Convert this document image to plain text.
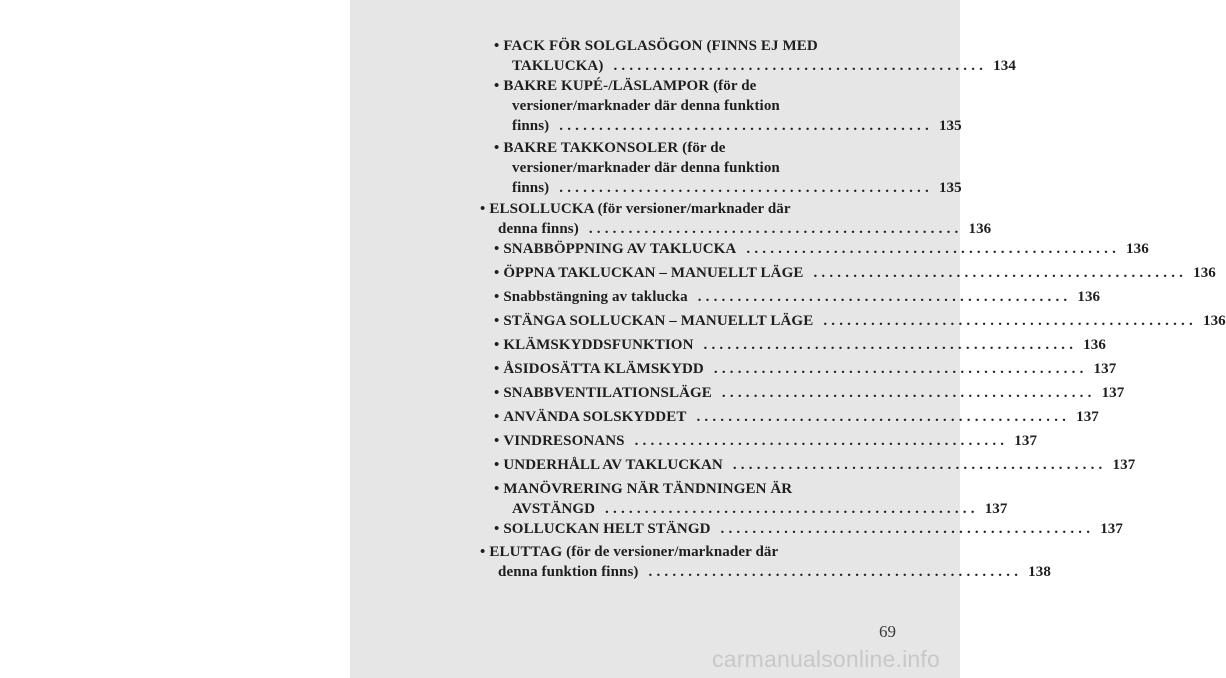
• FACK FÖR SOLGLASÖGON (FINNS EJ MED
TAKLUCKA) ............................................... 134
• BAKRE KUPÉ-/LÄSLAMPOR (för de
versioner/marknader där denna funktion
finns) ............................................... 135
• BAKRE TAKKONSOLER (för de
versioner/marknader där denna funktion
finns) ............................................... 135
• ELSOLLUCKA (för versioner/marknader där
denna finns) ............................................... 136
• SNABBÖPPNING AV TAKLUCKA ............................................... 136
• ÖPPNA TAKLUCKAN – MANUELLT LÄGE ............................................... 136
• Snabbstängning av taklucka ............................................... 136
• STÄNGA SOLLUCKAN – MANUELLT LÄGE ............................................... 136
• KLÄMSKYDDSFUNKTION ............................................... 136
• ÅSIDOSÄTTA KLÄMSKYDD ............................................... 137
• SNABBVENTILATIONSLÄGE ............................................... 137
• ANVÄNDA SOLSKYDDET ............................................... 137
• VINDRESONANS ............................................... 137
• UNDERHÅLL AV TAKLUCKAN ............................................... 137
• MANÖVRERING NÄR TÄNDNINGEN ÄR
AVSTÄNGD ............................................... 137
• SOLLUCKAN HELT STÄNGD ............................................... 137
• ELUTTAG (för de versioner/marknader där
denna funktion finns) ............................................... 138
69
carmanualsonline.info
